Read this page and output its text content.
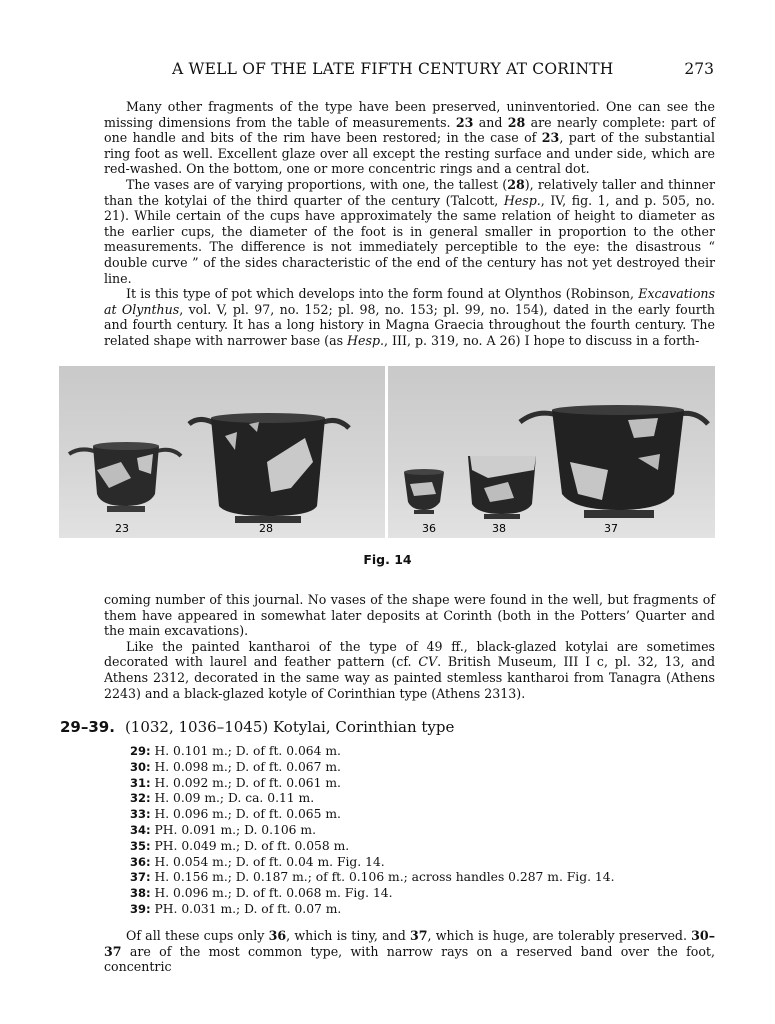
A WELL OF THE LATE FIFTH CENTURY AT CORINTH	273

Many other fragments of the type have been preserved, uninventoried. One can see the missing dimensions from the table of measurements. 23 and 28 are nearly complete: part of one handle and bits of the rim have been restored; in the case of 23, part of the substantial ring foot as well. Excellent glaze over all except the resting surface and under side, which are red-washed. On the bottom, one or more concentric rings and a central dot.

The vases are of varying proportions, with one, the tallest (28), relatively taller and thinner than the kotylai of the third quarter of the century (Talcott, Hesp., IV, fig. 1, and p. 505, no. 21). While certain of the cups have approximately the same relation of height to diameter as the earlier cups, the diameter of the foot is in general smaller in proportion to the other measurements. The difference is not immediately perceptible to the eye: the disastrous “ double curve ” of the sides characteristic of the end of the century has not yet destroyed their line.

It is this type of pot which develops into the form found at Olynthos (Robinson, Excavations at Olynthus, vol. V, pl. 97, no. 152; pl. 98, no. 153; pl. 99, no. 154), dated in the early fourth and fourth century. It has a long history in Magna Graecia throughout the fourth century. The related shape with narrower base (as Hesp., III, p. 319, no. A 26) I hope to discuss in a forth-

23	28	36	38	37
Fig. 14

coming number of this journal. No vases of the shape were found in the well, but fragments of them have appeared in somewhat later deposits at Corinth (both in the Potters’ Quarter and the main excavations).

Like the painted kantharoi of the type of 49 ff., black-glazed kotylai are sometimes decorated with laurel and feather pattern (cf. CV. British Museum, III I c, pl. 32, 13, and Athens 2312, decorated in the same way as painted stemless kantharoi from Tanagra (Athens 2243) and a black-glazed kotyle of Corinthian type (Athens 2313).

29–39. (1032, 1036–1045) Kotylai, Corinthian type
29: H. 0.101 m.; D. of ft. 0.064 m.
30: H. 0.098 m.; D. of ft. 0.067 m.
31: H. 0.092 m.; D. of ft. 0.061 m.
32: H. 0.09 m.; D. ca. 0.11 m.
33: H. 0.096 m.; D. of ft. 0.065 m.
34: PH. 0.091 m.; D. 0.106 m.
35: PH. 0.049 m.; D. of ft. 0.058 m.
36: H. 0.054 m.; D. of ft. 0.04 m. Fig. 14.
37: H. 0.156 m.; D. 0.187 m.; of ft. 0.106 m.; across handles 0.287 m. Fig. 14.
38: H. 0.096 m.; D. of ft. 0.068 m. Fig. 14.
39: PH. 0.031 m.; D. of ft. 0.07 m.

Of all these cups only 36, which is tiny, and 37, which is huge, are tolerably preserved. 30–37 are of the most common type, with narrow rays on a reserved band over the foot, concentric
